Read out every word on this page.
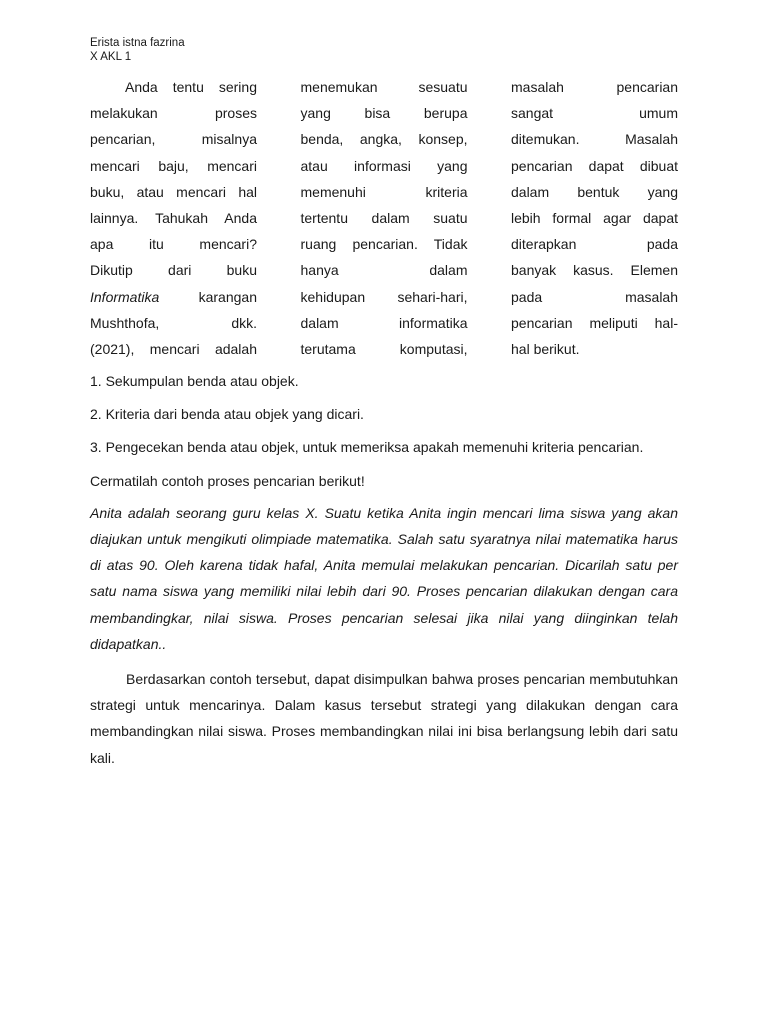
Erista istna fazrina
X AKL 1
Anda tentu sering
melakukan proses
pencarian, misalnya
mencari baju, mencari
buku, atau mencari hal
lainnya. Tahukah Anda
apa itu mencari?
Dikutip dari buku
Informatika karangan
Mushthofa, dkk.
(2021), mencari adalah
menemukan sesuatu
yang bisa berupa
benda, angka, konsep,
atau informasi yang
memenuhi kriteria
tertentu dalam suatu
ruang pencarian. Tidak
hanya dalam
kehidupan sehari-hari,
dalam informatika
terutama komputasi,
masalah pencarian
sangat umum
ditemukan. Masalah
pencarian dapat dibuat
dalam bentuk yang
lebih formal agar dapat
diterapkan pada
banyak kasus. Elemen
pada masalah
pencarian meliputi hal-
hal berikut.

1. Sekumpulan benda atau objek.

2. Kriteria dari benda atau objek yang dicari.

3. Pengecekan benda atau objek, untuk memeriksa apakah memenuhi kriteria pencarian.

Cermatilah contoh proses pencarian berikut!

Anita adalah seorang guru kelas X. Suatu ketika Anita ingin mencari lima siswa yang akan diajukan untuk mengikuti olimpiade matematika. Salah satu syaratnya nilai matematika harus di atas 90. Oleh karena tidak hafal, Anita memulai melakukan pencarian. Dicarilah satu per satu nama siswa yang memiliki nilai lebih dari 90. Proses pencarian dilakukan dengan cara membandingkar, nilai siswa. Proses pencarian selesai jika nilai yang diinginkan telah didapatkan..

Berdasarkan contoh tersebut, dapat disimpulkan bahwa proses pencarian membutuhkan strategi untuk mencarinya. Dalam kasus tersebut strategi yang dilakukan dengan cara membandingkan nilai siswa. Proses membandingkan nilai ini bisa berlangsung lebih dari satu kali.
